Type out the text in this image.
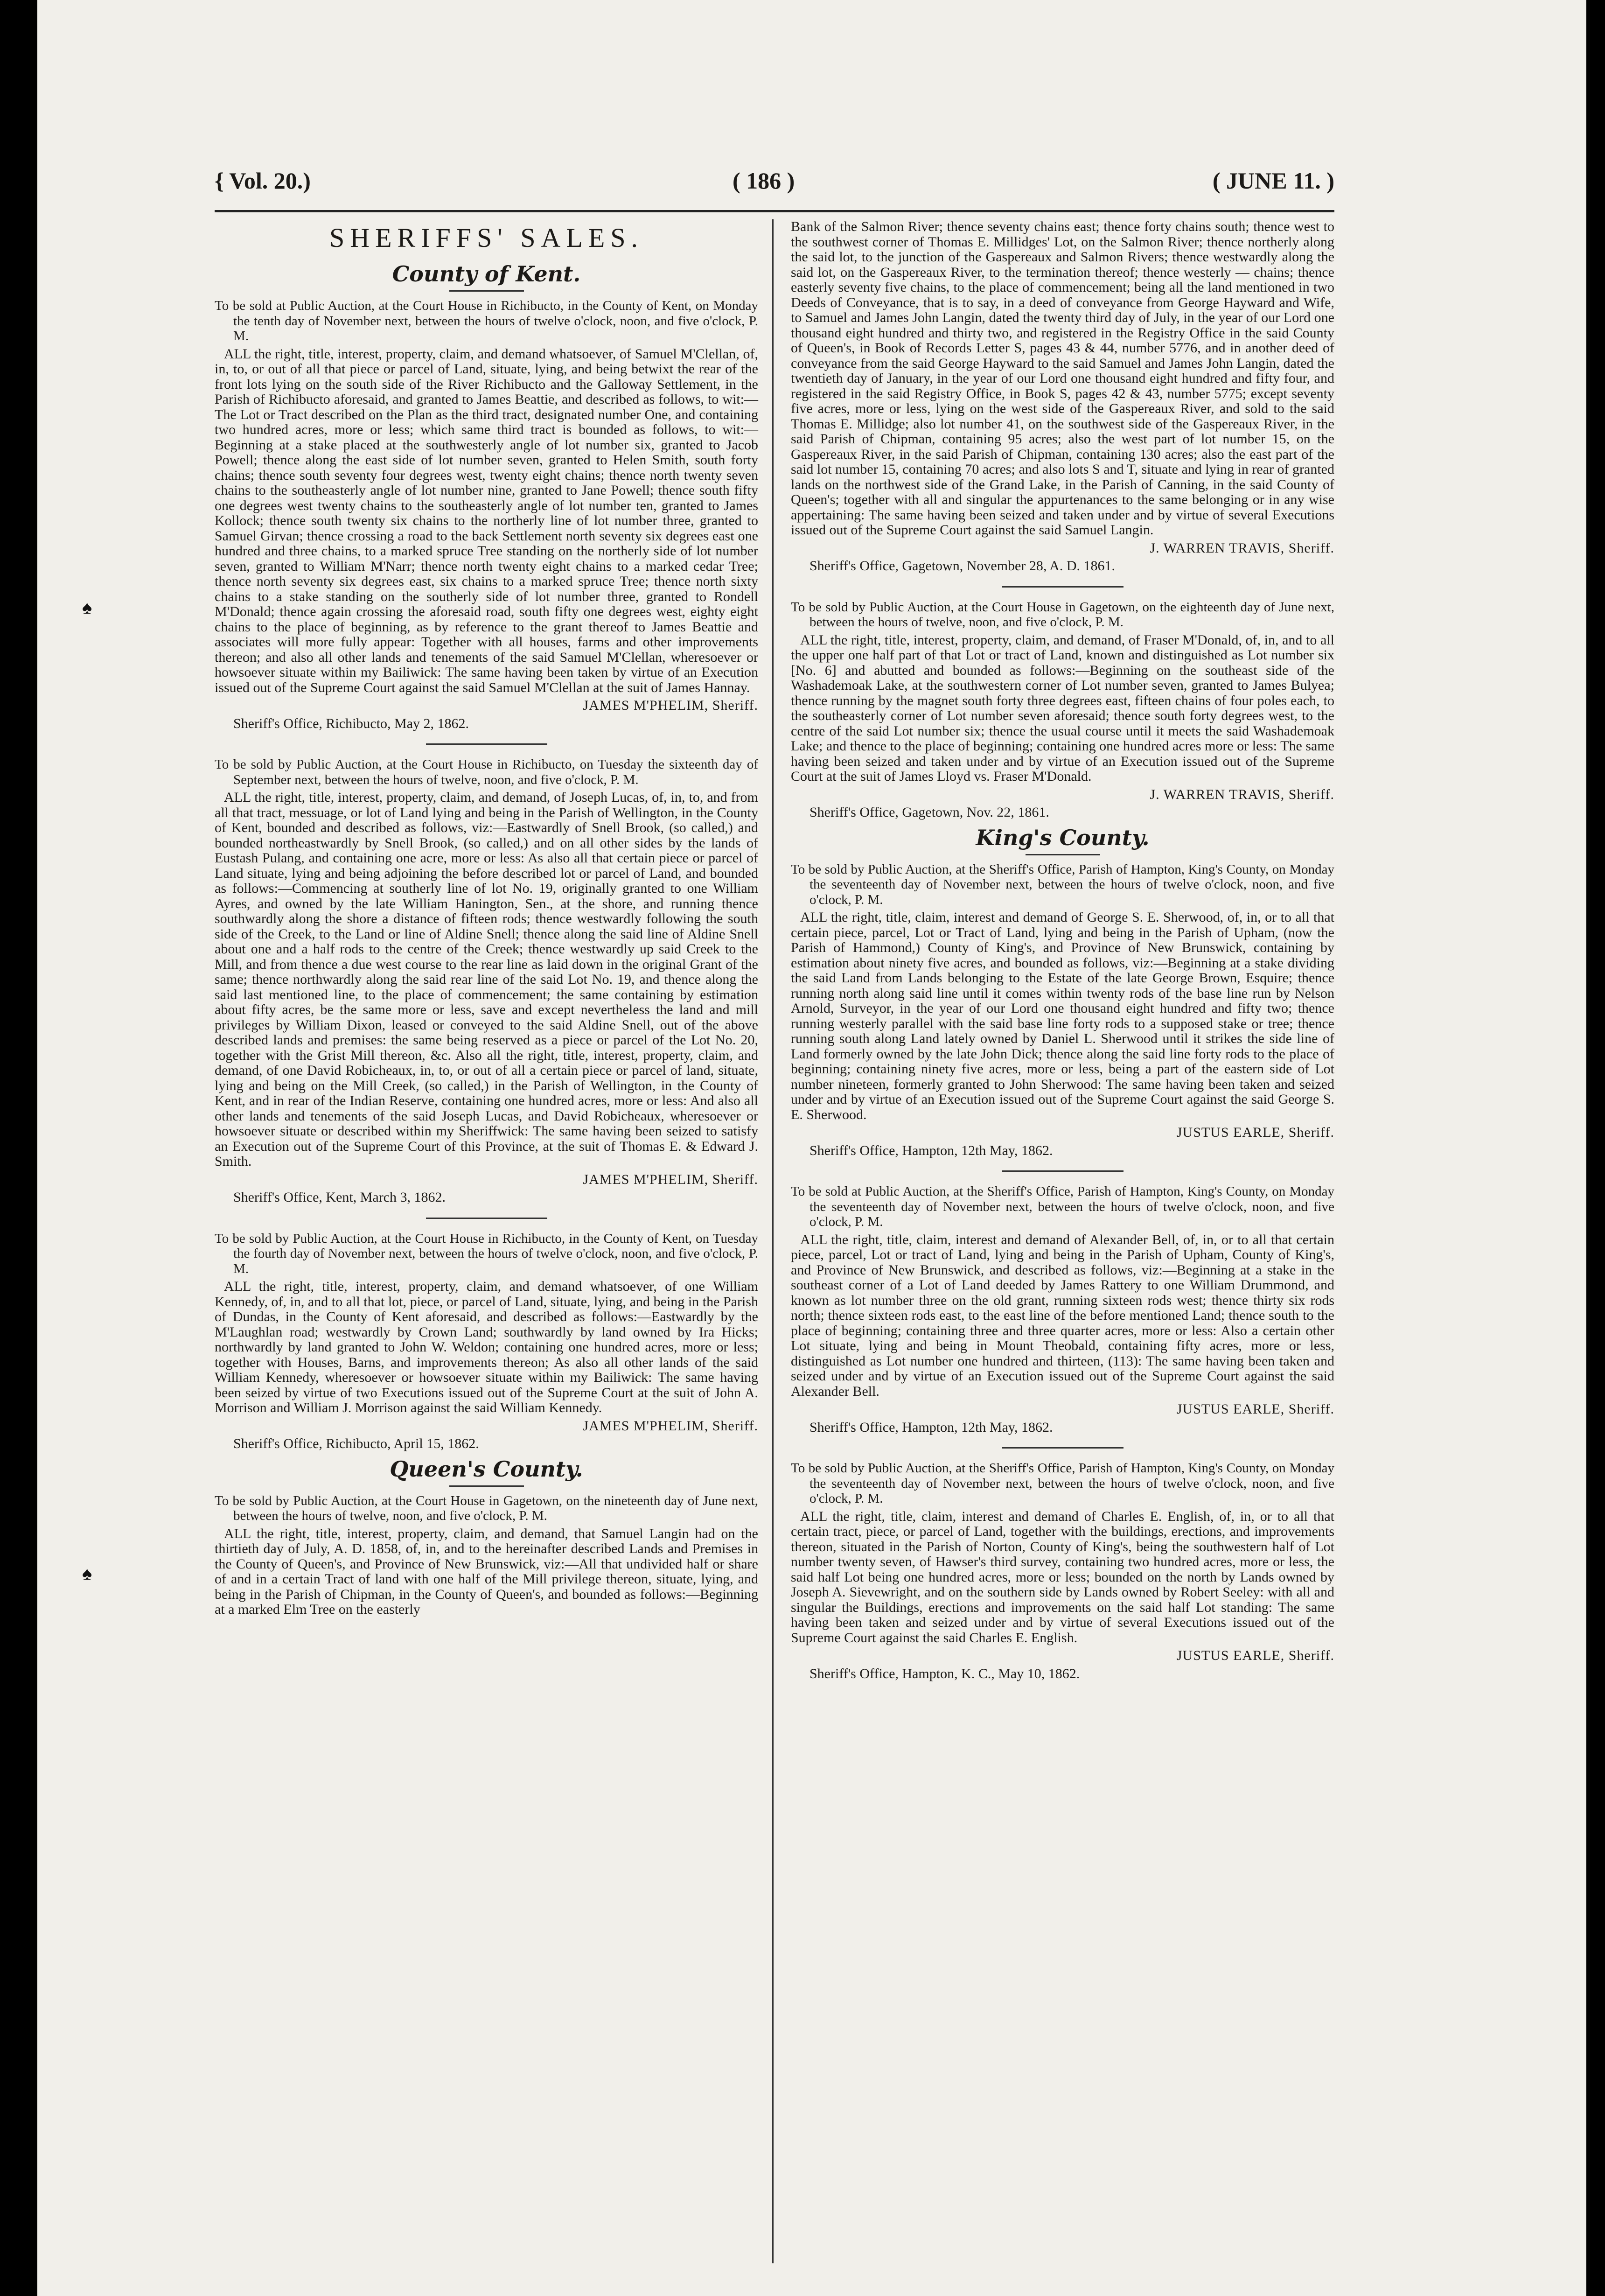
♠
♠
{ Vol. 20.)	( 186 )	( JUNE 11. )
SHERIFFS' SALES.
County of Kent.

To be sold at Public Auction, at the Court House in Richibucto, in the County of Kent, on Monday the tenth day of November next, between the hours of twelve o'clock, noon, and five o'clock, P. M.

ALL the right, title, interest, property, claim, and demand whatsoever, of Samuel M'Clellan, of, in, to, or out of all that piece or parcel of Land, situate, lying, and being betwixt the rear of the front lots lying on the south side of the River Richibucto and the Galloway Settlement, in the Parish of Richibucto aforesaid, and granted to James Beattie, and described as follows, to wit:—The Lot or Tract described on the Plan as the third tract, designated number One, and containing two hundred acres, more or less; which same third tract is bounded as follows, to wit:—Beginning at a stake placed at the southwesterly angle of lot number six, granted to Jacob Powell; thence along the east side of lot number seven, granted to Helen Smith, south forty chains; thence south seventy four degrees west, twenty eight chains; thence north twenty seven chains to the southeasterly angle of lot number nine, granted to Jane Powell; thence south fifty one degrees west twenty chains to the southeasterly angle of lot number ten, granted to James Kollock; thence south twenty six chains to the northerly line of lot number three, granted to Samuel Girvan; thence crossing a road to the back Settlement north seventy six degrees east one hundred and three chains, to a marked spruce Tree standing on the northerly side of lot number seven, granted to William M'Narr; thence north twenty eight chains to a marked cedar Tree; thence north seventy six degrees east, six chains to a marked spruce Tree; thence north sixty chains to a stake standing on the southerly side of lot number three, granted to Rondell M'Donald; thence again crossing the aforesaid road, south fifty one degrees west, eighty eight chains to the place of beginning, as by reference to the grant thereof to James Beattie and associates will more fully appear: Together with all houses, farms and other improvements thereon; and also all other lands and tenements of the said Samuel M'Clellan, wheresoever or howsoever situate within my Bailiwick: The same having been taken by virtue of an Execution issued out of the Supreme Court against the said Samuel M'Clellan at the suit of James Hannay.

JAMES M'PHELIM, Sheriff.

Sheriff's Office, Richibucto, May 2, 1862.

To be sold by Public Auction, at the Court House in Richibucto, on Tuesday the sixteenth day of September next, between the hours of twelve, noon, and five o'clock, P. M.

ALL the right, title, interest, property, claim, and demand, of Joseph Lucas, of, in, to, and from all that tract, messuage, or lot of Land lying and being in the Parish of Wellington, in the County of Kent, bounded and described as follows, viz:—Eastwardly of Snell Brook, (so called,) and bounded northeastwardly by Snell Brook, (so called,) and on all other sides by the lands of Eustash Pulang, and containing one acre, more or less: As also all that certain piece or parcel of Land situate, lying and being adjoining the before described lot or parcel of Land, and bounded as follows:—Commencing at southerly line of lot No. 19, originally granted to one William Ayres, and owned by the late William Hanington, Sen., at the shore, and running thence southwardly along the shore a distance of fifteen rods; thence westwardly following the south side of the Creek, to the Land or line of Aldine Snell; thence along the said line of Aldine Snell about one and a half rods to the centre of the Creek; thence westwardly up said Creek to the Mill, and from thence a due west course to the rear line as laid down in the original Grant of the same; thence northwardly along the said rear line of the said Lot No. 19, and thence along the said last mentioned line, to the place of commencement; the same containing by estimation about fifty acres, be the same more or less, save and except nevertheless the land and mill privileges by William Dixon, leased or conveyed to the said Aldine Snell, out of the above described lands and premises: the same being reserved as a piece or parcel of the Lot No. 20, together with the Grist Mill thereon, &c. Also all the right, title, interest, property, claim, and demand, of one David Robicheaux, in, to, or out of all a certain piece or parcel of land, situate, lying and being on the Mill Creek, (so called,) in the Parish of Wellington, in the County of Kent, and in rear of the Indian Reserve, containing one hundred acres, more or less: And also all other lands and tenements of the said Joseph Lucas, and David Robicheaux, wheresoever or howsoever situate or described within my Sheriffwick: The same having been seized to satisfy an Execution out of the Supreme Court of this Province, at the suit of Thomas E. & Edward J. Smith.

JAMES M'PHELIM, Sheriff.

Sheriff's Office, Kent, March 3, 1862.

To be sold by Public Auction, at the Court House in Richibucto, in the County of Kent, on Tuesday the fourth day of November next, between the hours of twelve o'clock, noon, and five o'clock, P. M.

ALL the right, title, interest, property, claim, and demand whatsoever, of one William Kennedy, of, in, and to all that lot, piece, or parcel of Land, situate, lying, and being in the Parish of Dundas, in the County of Kent aforesaid, and described as follows:—Eastwardly by the M'Laughlan road; westwardly by Crown Land; southwardly by land owned by Ira Hicks; northwardly by land granted to John W. Weldon; containing one hundred acres, more or less; together with Houses, Barns, and improvements thereon; As also all other lands of the said William Kennedy, wheresoever or howsoever situate within my Bailiwick: The same having been seized by virtue of two Executions issued out of the Supreme Court at the suit of John A. Morrison and William J. Morrison against the said William Kennedy.

JAMES M'PHELIM, Sheriff.

Sheriff's Office, Richibucto, April 15, 1862.

Queen's County.

To be sold by Public Auction, at the Court House in Gagetown, on the nineteenth day of June next, between the hours of twelve, noon, and five o'clock, P. M.

ALL the right, title, interest, property, claim, and demand, that Samuel Langin had on the thirtieth day of July, A. D. 1858, of, in, and to the hereinafter described Lands and Premises in the County of Queen's, and Province of New Brunswick, viz:—All that undivided half or share of and in a certain Tract of land with one half of the Mill privilege thereon, situate, lying, and being in the Parish of Chipman, in the County of Queen's, and bounded as follows:—Beginning at a marked Elm Tree on the easterly

Bank of the Salmon River; thence seventy chains east; thence forty chains south; thence west to the southwest corner of Thomas E. Millidges' Lot, on the Salmon River; thence northerly along the said lot, to the junction of the Gaspereaux and Salmon Rivers; thence westwardly along the said lot, on the Gaspereaux River, to the termination thereof; thence westerly — chains; thence easterly seventy five chains, to the place of commencement; being all the land mentioned in two Deeds of Conveyance, that is to say, in a deed of conveyance from George Hayward and Wife, to Samuel and James John Langin, dated the twenty third day of July, in the year of our Lord one thousand eight hundred and thirty two, and registered in the Registry Office in the said County of Queen's, in Book of Records Letter S, pages 43 & 44, number 5776, and in another deed of conveyance from the said George Hayward to the said Samuel and James John Langin, dated the twentieth day of January, in the year of our Lord one thousand eight hundred and fifty four, and registered in the said Registry Office, in Book S, pages 42 & 43, number 5775; except seventy five acres, more or less, lying on the west side of the Gaspereaux River, and sold to the said Thomas E. Millidge; also lot number 41, on the southwest side of the Gaspereaux River, in the said Parish of Chipman, containing 95 acres; also the west part of lot number 15, on the Gaspereaux River, in the said Parish of Chipman, containing 130 acres; also the east part of the said lot number 15, containing 70 acres; and also lots S and T, situate and lying in rear of granted lands on the northwest side of the Grand Lake, in the Parish of Canning, in the said County of Queen's; together with all and singular the appurtenances to the same belonging or in any wise appertaining: The same having been seized and taken under and by virtue of several Executions issued out of the Supreme Court against the said Samuel Langin.

J. WARREN TRAVIS, Sheriff.

Sheriff's Office, Gagetown, November 28, A. D. 1861.

To be sold by Public Auction, at the Court House in Gagetown, on the eighteenth day of June next, between the hours of twelve, noon, and five o'clock, P. M.

ALL the right, title, interest, property, claim, and demand, of Fraser M'Donald, of, in, and to all the upper one half part of that Lot or tract of Land, known and distinguished as Lot number six [No. 6] and abutted and bounded as follows:—Beginning on the southeast side of the Washademoak Lake, at the southwestern corner of Lot number seven, granted to James Bulyea; thence running by the magnet south forty three degrees east, fifteen chains of four poles each, to the southeasterly corner of Lot number seven aforesaid; thence south forty degrees west, to the centre of the said Lot number six; thence the usual course until it meets the said Washademoak Lake; and thence to the place of beginning; containing one hundred acres more or less: The same having been seized and taken under and by virtue of an Execution issued out of the Supreme Court at the suit of James Lloyd vs. Fraser M'Donald.

J. WARREN TRAVIS, Sheriff.

Sheriff's Office, Gagetown, Nov. 22, 1861.

King's County.

To be sold by Public Auction, at the Sheriff's Office, Parish of Hampton, King's County, on Monday the seventeenth day of November next, between the hours of twelve o'clock, noon, and five o'clock, P. M.

ALL the right, title, claim, interest and demand of George S. E. Sherwood, of, in, or to all that certain piece, parcel, Lot or Tract of Land, lying and being in the Parish of Upham, (now the Parish of Hammond,) County of King's, and Province of New Brunswick, containing by estimation about ninety five acres, and bounded as follows, viz:—Beginning at a stake dividing the said Land from Lands belonging to the Estate of the late George Brown, Esquire; thence running north along said line until it comes within twenty rods of the base line run by Nelson Arnold, Surveyor, in the year of our Lord one thousand eight hundred and fifty two; thence running westerly parallel with the said base line forty rods to a supposed stake or tree; thence running south along Land lately owned by Daniel L. Sherwood until it strikes the side line of Land formerly owned by the late John Dick; thence along the said line forty rods to the place of beginning; containing ninety five acres, more or less, being a part of the eastern side of Lot number nineteen, formerly granted to John Sherwood: The same having been taken and seized under and by virtue of an Execution issued out of the Supreme Court against the said George S. E. Sherwood.

JUSTUS EARLE, Sheriff.

Sheriff's Office, Hampton, 12th May, 1862.

To be sold at Public Auction, at the Sheriff's Office, Parish of Hampton, King's County, on Monday the seventeenth day of November next, between the hours of twelve o'clock, noon, and five o'clock, P. M.

ALL the right, title, claim, interest and demand of Alexander Bell, of, in, or to all that certain piece, parcel, Lot or tract of Land, lying and being in the Parish of Upham, County of King's, and Province of New Brunswick, and described as follows, viz:—Beginning at a stake in the southeast corner of a Lot of Land deeded by James Rattery to one William Drummond, and known as lot number three on the old grant, running sixteen rods west; thence thirty six rods north; thence sixteen rods east, to the east line of the before mentioned Land; thence south to the place of beginning; containing three and three quarter acres, more or less: Also a certain other Lot situate, lying and being in Mount Theobald, containing fifty acres, more or less, distinguished as Lot number one hundred and thirteen, (113): The same having been taken and seized under and by virtue of an Execution issued out of the Supreme Court against the said Alexander Bell.

JUSTUS EARLE, Sheriff.

Sheriff's Office, Hampton, 12th May, 1862.

To be sold by Public Auction, at the Sheriff's Office, Parish of Hampton, King's County, on Monday the seventeenth day of November next, between the hours of twelve o'clock, noon, and five o'clock, P. M.

ALL the right, title, claim, interest and demand of Charles E. English, of, in, or to all that certain tract, piece, or parcel of Land, together with the buildings, erections, and improvements thereon, situated in the Parish of Norton, County of King's, being the southwestern half of Lot number twenty seven, of Hawser's third survey, containing two hundred acres, more or less, the said half Lot being one hundred acres, more or less; bounded on the north by Lands owned by Joseph A. Sievewright, and on the southern side by Lands owned by Robert Seeley: with all and singular the Buildings, erections and improvements on the said half Lot standing: The same having been taken and seized under and by virtue of several Executions issued out of the Supreme Court against the said Charles E. English.

JUSTUS EARLE, Sheriff.

Sheriff's Office, Hampton, K. C., May 10, 1862.
